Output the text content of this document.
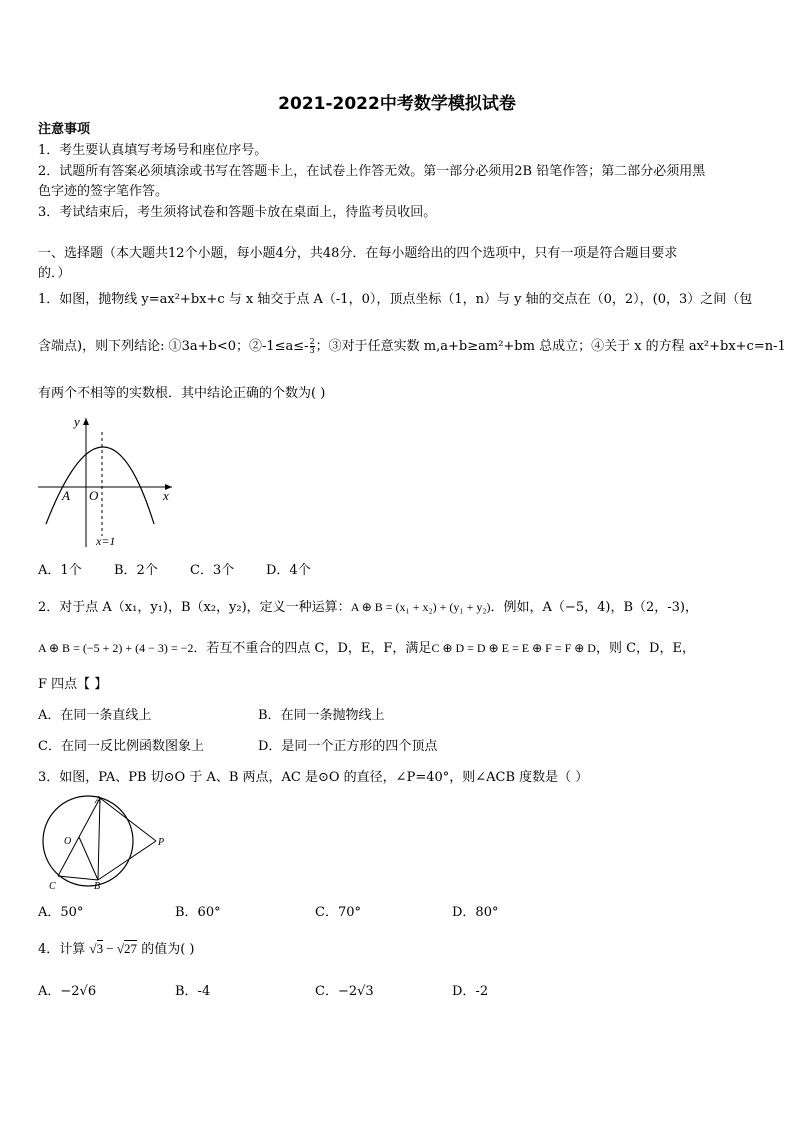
2021-2022中考数学模拟试卷
注意事项
1．考生要认真填写考场号和座位序号。
2．试题所有答案必须填涂或书写在答题卡上，在试卷上作答无效。第一部分必须用2B 铅笔作答；第二部分必须用黑
色字迹的签字笔作答。
3．考试结束后，考生须将试卷和答题卡放在桌面上，待监考员收回。
一、选择题（本大题共12个小题，每小题4分，共48分．在每小题给出的四个选项中，只有一项是符合题目要求
的．）
1．如图，抛物线 y=ax²+bx+c 与 x 轴交于点 A（-1，0），顶点坐标（1，n）与 y 轴的交点在（0，2），(0，3）之间（包
含端点)，则下列结论: ①3a+b<0；②-1≤a≤- $\frac{2}{3}$ ；③对于任意实数 m,a+b≥am²+bm 总成立；④关于 x 的方程 ax²+bx+c=n-1
有两个不相等的实数根．其中结论正确的个数为( )
y
x
A O
x=1
A．1个 B．2个 C．3个 D．4个
2．对于点 A（x₁，y₁)，B（x₂，y₂)，定义一种运算：A ⊕ B = (x₁ + x₂) + (y₁ + y₂)．例如，A（−5，4)，B（2，-3)，
A ⊕ B = (−5 + 2) + (4 − 3) = −2．若互不重合的四点 C，D，E，F，满足C ⊕ D = D ⊕ E = E ⊕ F = F ⊕ D，则 C，D，E，
F 四点【 】
A．在同一条直线上	B．在同一条抛物线上
C．在同一反比例函数图象上	D．是同一个正方形的四个顶点
3．如图，PA、PB 切⊙O 于 A、B 两点，AC 是⊙O 的直径，∠P=40°，则∠ACB 度数是（ ）
A
O	P
C	B
A．50°	B．60°	C．70°	D．80°
4．计算 √3 − √27 的值为( )
A．−2√6	B．-4	C．−2√3	D．-2
